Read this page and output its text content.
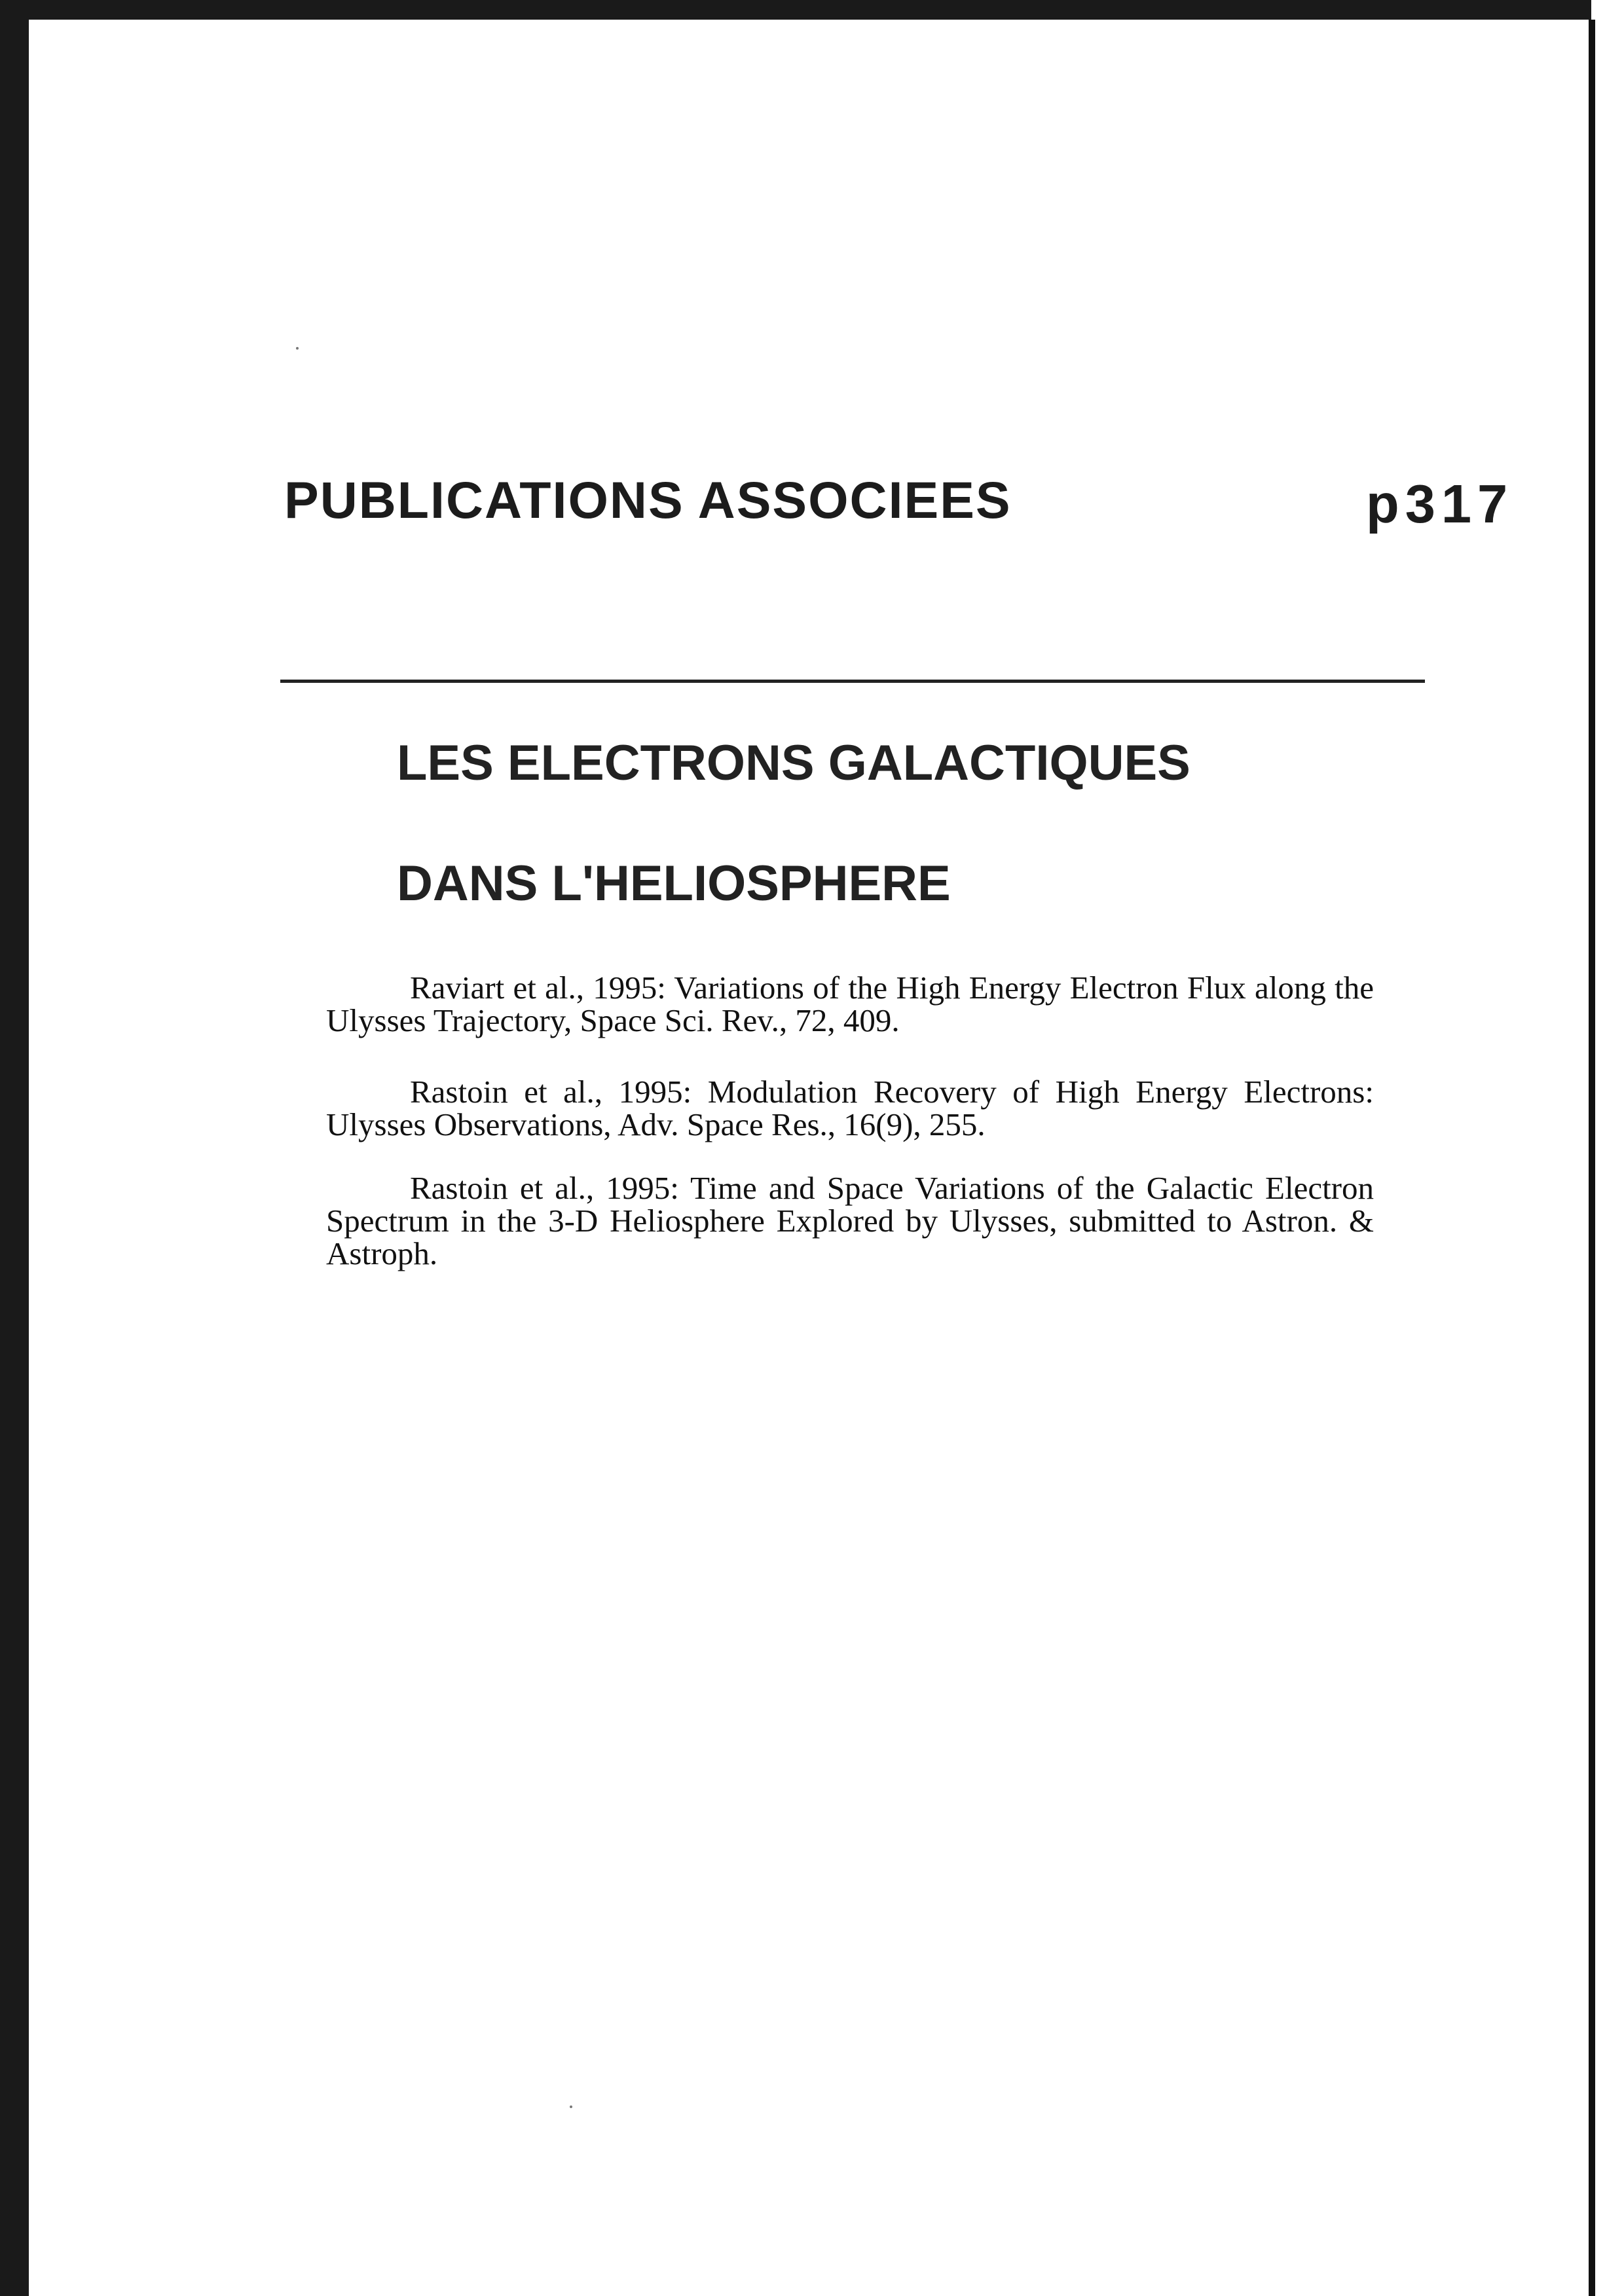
PUBLICATIONS ASSOCIEES	p317
LES ELECTRONS GALACTIQUES
DANS L'HELIOSPHERE

Raviart et al., 1995: Variations of the High Energy Electron Flux along the Ulysses Trajectory, Space Sci. Rev., 72, 409.

Rastoin et al., 1995: Modulation Recovery of High Energy Electrons: Ulysses Observations, Adv. Space Res., 16(9), 255.

Rastoin et al., 1995: Time and Space Variations of the Galactic Electron Spectrum in the 3-D Heliosphere Explored by Ulysses, submitted to Astron. & Astroph.
